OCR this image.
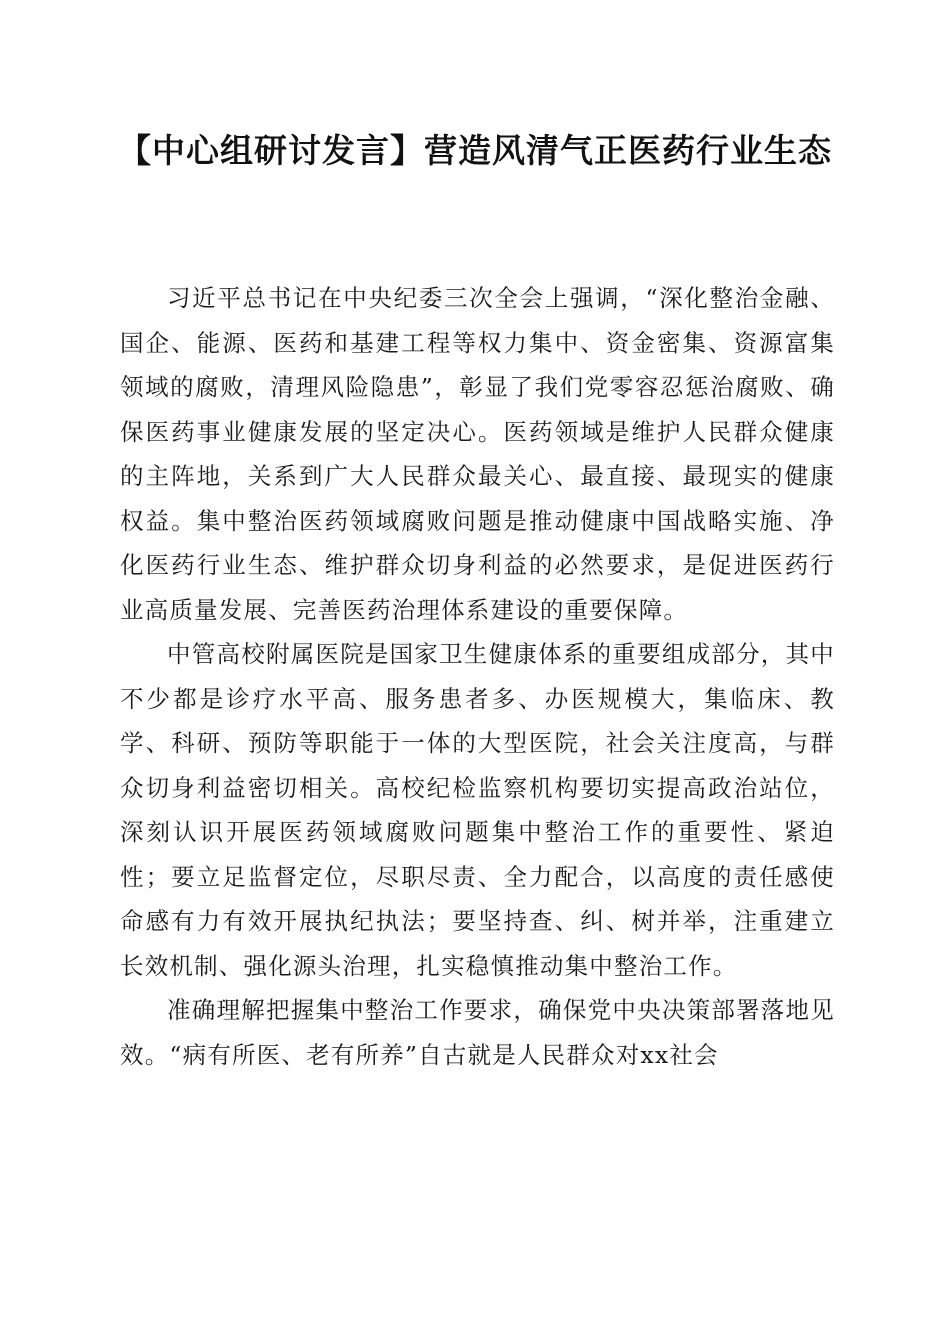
【中心组研讨发言】营造风清气正医药行业生态

习近平总书记在中央纪委三次全会上强调，“深化整治金融、国企、能源、医药和基建工程等权力集中、资金密集、资源富集领域的腐败，清理风险隐患”，彰显了我们党零容忍惩治腐败、确保医药事业健康发展的坚定决心。医药领域是维护人民群众健康的主阵地，关系到广大人民群众最关心、最直接、最现实的健康权益。集中整治医药领域腐败问题是推动健康中国战略实施、净化医药行业生态、维护群众切身利益的必然要求，是促进医药行业高质量发展、完善医药治理体系建设的重要保障。

中管高校附属医院是国家卫生健康体系的重要组成部分，其中不少都是诊疗水平高、服务患者多、办医规模大，集临床、教学、科研、预防等职能于一体的大型医院，社会关注度高，与群众切身利益密切相关。高校纪检监察机构要切实提高政治站位，深刻认识开展医药领域腐败问题集中整治工作的重要性、紧迫性；要立足监督定位，尽职尽责、全力配合，以高度的责任感使命感有力有效开展执纪执法；要坚持查、纠、树并举，注重建立长效机制、强化源头治理，扎实稳慎推动集中整治工作。

准确理解把握集中整治工作要求，确保党中央决策部署落地见效。“病有所医、老有所养”自古就是人民群众对xx社会
